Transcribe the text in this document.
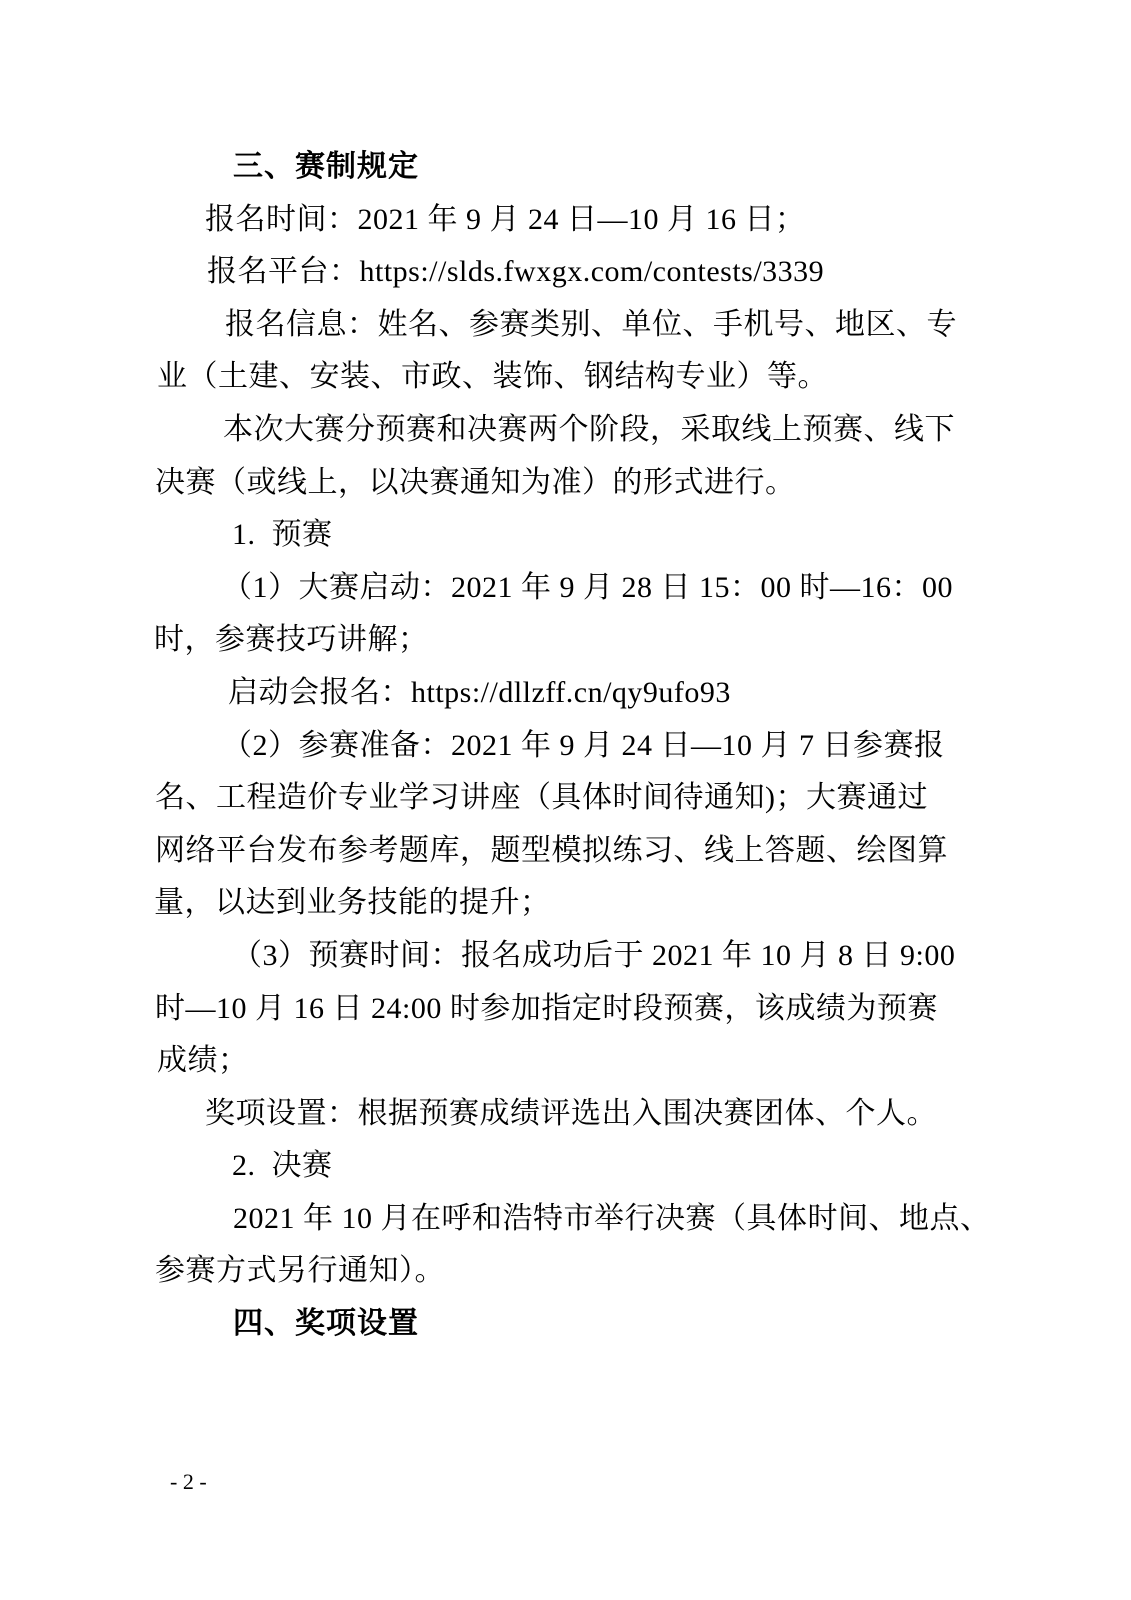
三、赛制规定
报名时间：2021 年 9 月 24 日—10 月 16 日；
报名平台：https://slds.fwxgx.com/contests/3339
报名信息：姓名、参赛类别、单位、手机号、地区、专
业（土建、安装、市政、装饰、钢结构专业）等。
本次大赛分预赛和决赛两个阶段，采取线上预赛、线下
决赛（或线上，以决赛通知为准）的形式进行。
1.  预赛
（1）大赛启动：2021 年 9 月 28 日 15：00 时—16：00
时，参赛技巧讲解；
启动会报名：https://dllzff.cn/qy9ufo93
（2）参赛准备：2021 年 9 月 24 日—10 月 7 日参赛报
名、工程造价专业学习讲座（具体时间待通知)；大赛通过
网络平台发布参考题库，题型模拟练习、线上答题、绘图算
量，以达到业务技能的提升；
（3）预赛时间：报名成功后于 2021 年 10 月 8 日 9:00
时—10 月 16 日 24:00 时参加指定时段预赛，该成绩为预赛
成绩；
奖项设置：根据预赛成绩评选出入围决赛团体、个人。
2.  决赛
2021 年 10 月在呼和浩特市举行决赛（具体时间、地点、
参赛方式另行通知）。
四、奖项设置
- 2 -
